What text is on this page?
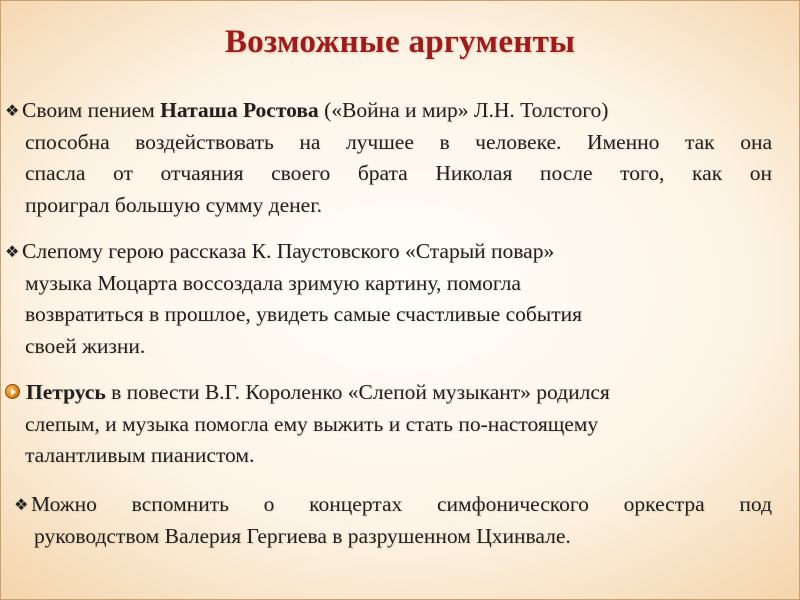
Возможные аргументы
❖ Своим пением Наташа Ростова («Война и мир» Л.Н. Толстого)
способна воздействовать на лучшее в человеке. Именно так она
спасла от отчаяния своего брата Николая после того, как он
проиграл большую сумму денег.
❖ Слепому герою рассказа К. Паустовского «Старый повар»
музыка Моцарта воссоздала зримую картину, помогла
возвратиться в прошлое, увидеть самые счастливые события
своей жизни.
Петрусь в повести В.Г. Короленко «Слепой музыкант» родился
слепым, и музыка помогла ему выжить и стать по-настоящему
талантливым пианистом.
❖ Можно вспомнить о концертах симфонического оркестра под
руководством Валерия Гергиева в разрушенном Цхинвале.
